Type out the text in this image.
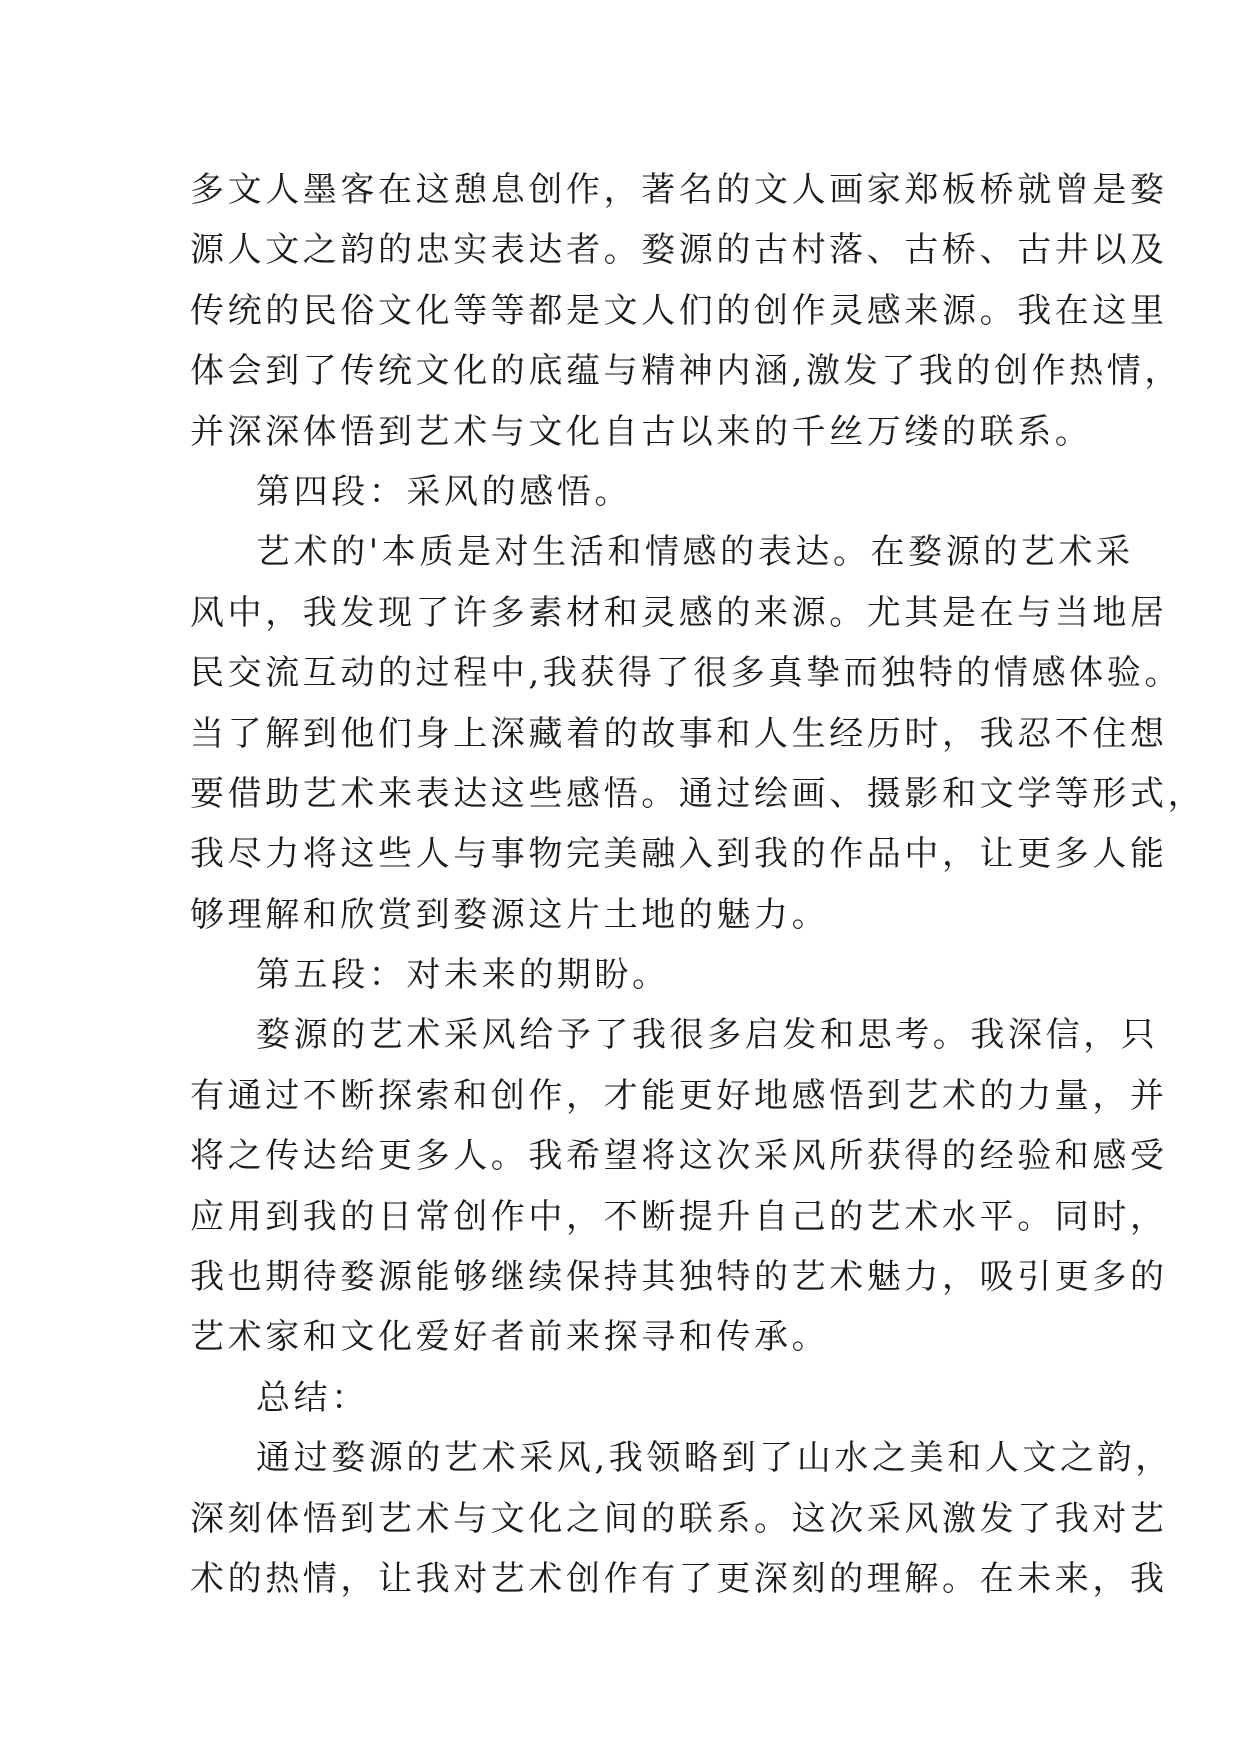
多文人墨客在这憩息创作，著名的文人画家郑板桥就曾是婺
源人文之韵的忠实表达者。婺源的古村落、古桥、古井以及
传统的民俗文化等等都是文人们的创作灵感来源。我在这里
体会到了传统文化的底蕴与精神内涵,激发了我的创作热情，
并深深体悟到艺术与文化自古以来的千丝万缕的联系。
第四段：采风的感悟。
艺术的'本质是对生活和情感的表达。在婺源的艺术采
风中，我发现了许多素材和灵感的来源。尤其是在与当地居
民交流互动的过程中,我获得了很多真挚而独特的情感体验。
当了解到他们身上深藏着的故事和人生经历时，我忍不住想
要借助艺术来表达这些感悟。通过绘画、摄影和文学等形式，
我尽力将这些人与事物完美融入到我的作品中，让更多人能
够理解和欣赏到婺源这片土地的魅力。
第五段：对未来的期盼。
婺源的艺术采风给予了我很多启发和思考。我深信，只
有通过不断探索和创作，才能更好地感悟到艺术的力量，并
将之传达给更多人。我希望将这次采风所获得的经验和感受
应用到我的日常创作中，不断提升自己的艺术水平。同时，
我也期待婺源能够继续保持其独特的艺术魅力，吸引更多的
艺术家和文化爱好者前来探寻和传承。
总结：
通过婺源的艺术采风,我领略到了山水之美和人文之韵，
深刻体悟到艺术与文化之间的联系。这次采风激发了我对艺
术的热情，让我对艺术创作有了更深刻的理解。在未来，我
